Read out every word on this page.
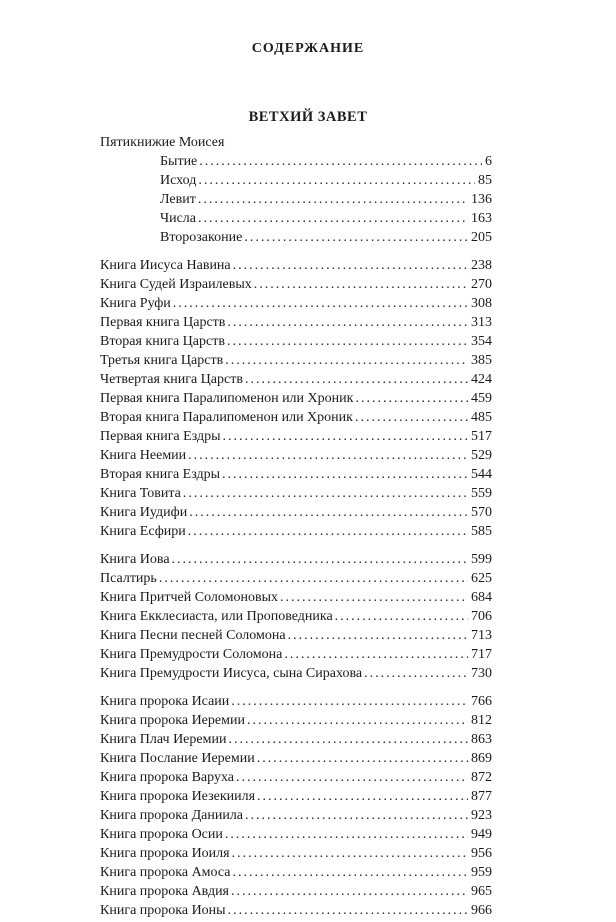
СОДЕРЖАНИЕ
ВЕТХИЙ ЗАВЕТ
Пятикнижие Моисея
Бытие .....	6
Исход .....	85
Левит .....	136
Числа .....	163
Второзаконие .....	205
Книга Иисуса Навина .....	238
Книга Судей Израилевых .....	270
Книга Руфи .....	308
Первая книга Царств .....	313
Вторая книга Царств .....	354
Третья книга Царств .....	385
Четвертая книга Царств .....	424
Первая книга Паралипоменон или Хроник .....	459
Вторая книга Паралипоменон или Хроник .....	485
Первая книга Ездры .....	517
Книга Неемии .....	529
Вторая книга Ездры .....	544
Книга Товита .....	559
Книга Иудифи .....	570
Книга Есфири .....	585
Книга Иова .....	599
Псалтирь .....	625
Книга Притчей Соломоновых .....	684
Книга Екклесиаста, или Проповедника .....	706
Книга Песни песней Соломона .....	713
Книга Премудрости Соломона .....	717
Книга Премудрости Иисуса, сына Сирахова .....	730
Книга пророка Исаии .....	766
Книга пророка Иеремии .....	812
Книга Плач Иеремии .....	863
Книга Послание Иеремии .....	869
Книга пророка Варуха .....	872
Книга пророка Иезекииля .....	877
Книга пророка Даниила .....	923
Книга пророка Осии .....	949
Книга пророка Иоиля .....	956
Книга пророка Амоса .....	959
Книга пророка Авдия .....	965
Книга пророка Ионы .....	966
